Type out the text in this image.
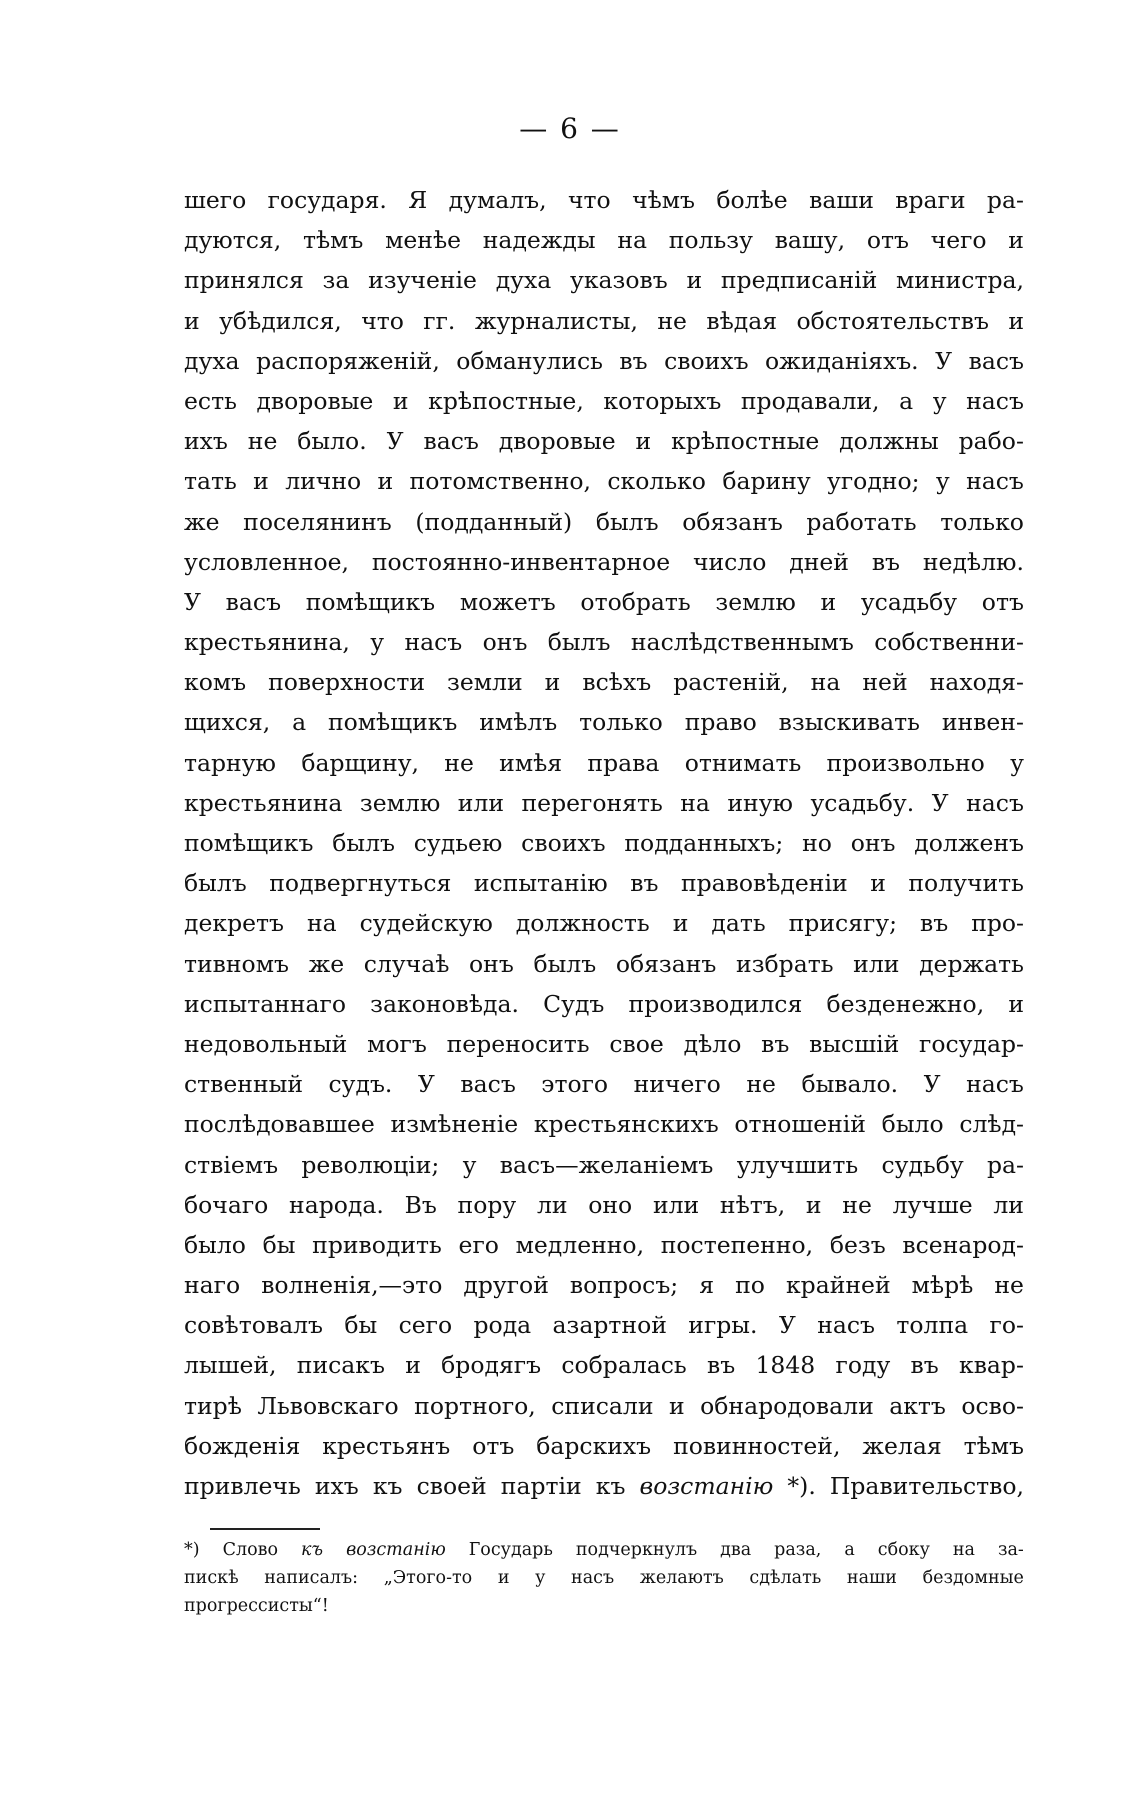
— 6 —
шего государя. Я думалъ, что чѣмъ болѣе ваши враги ра-
дуются, тѣмъ менѣе надежды на пользу вашу, отъ чего и
принялся за изученіе духа указовъ и предписаній министра,
и убѣдился, что гг. журналисты, не вѣдая обстоятельствъ и
духа распоряженій, обманулись въ своихъ ожиданіяхъ. У васъ
есть дворовые и крѣпостные, которыхъ продавали, а у насъ
ихъ не было. У васъ дворовые и крѣпостные должны рабо-
тать и лично и потомственно, сколько барину угодно; у насъ
же поселянинъ (подданный) былъ обязанъ работать только
условленное, постоянно-инвентарное число дней въ недѣлю.
У васъ помѣщикъ можетъ отобрать землю и усадьбу отъ
крестьянина, у насъ онъ былъ наслѣдственнымъ собственни-
комъ поверхности земли и всѣхъ растеній, на ней находя-
щихся, а помѣщикъ имѣлъ только право взыскивать инвен-
тарную барщину, не имѣя права отнимать произвольно у
крестьянина землю или перегонять на иную усадьбу. У насъ
помѣщикъ былъ судьею своихъ подданныхъ; но онъ долженъ
былъ подвергнуться испытанію въ правовѣденіи и получить
декретъ на судейскую должность и дать присягу; въ про-
тивномъ же случаѣ онъ былъ обязанъ избрать или держать
испытаннаго законовѣда. Судъ производился безденежно, и
недовольный могъ переносить свое дѣло въ высшій государ-
ственный судъ. У васъ этого ничего не бывало. У насъ
послѣдовавшее измѣненіе крестьянскихъ отношеній было слѣд-
ствіемъ революціи; у васъ—желаніемъ улучшить судьбу ра-
бочаго народа. Въ пору ли оно или нѣтъ, и не лучше ли
было бы приводить его медленно, постепенно, безъ всенарод-
наго волненія,—это другой вопросъ; я по крайней мѣрѣ не
совѣтовалъ бы сего рода азартной игры. У насъ толпа го-
лышей, писакъ и бродягъ собралась въ 1848 году въ квар-
тирѣ Львовскаго портного, списали и обнародовали актъ осво-
божденія крестьянъ отъ барскихъ повинностей, желая тѣмъ
привлечь ихъ къ своей партіи къ возстанію *). Правительство,
*) Слово къ возстанію Государь подчеркнулъ два раза, а сбоку на за-
пискѣ написалъ: „Этого-то и у насъ желаютъ сдѣлать наши бездомные
прогрессисты“!
